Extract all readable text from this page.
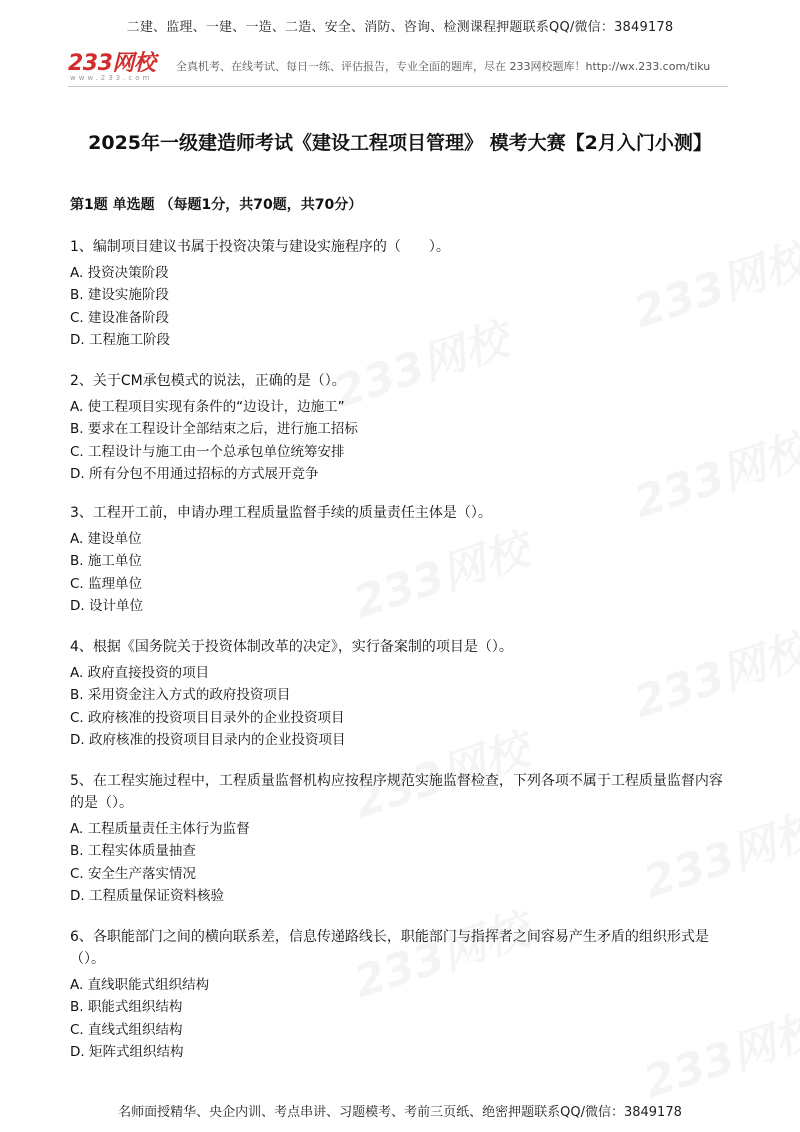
二建、监理、一建、一造、二造、安全、消防、咨询、检测课程押题联系QQ/微信：3849178
233网校
www.233.com
全真机考、在线考试、每日一练、评估报告，专业全面的题库，尽在 233网校题库！http://wx.233.com/tiku
2025年一级建造师考试《建设工程项目管理》 模考大赛【2月入门小测】
第1题 单选题 （每题1分，共70题，共70分）

1、编制项目建议书属于投资决策与建设实施程序的（　　）。

A. 投资决策阶段
B. 建设实施阶段
C. 建设准备阶段
D. 工程施工阶段

2、关于CM承包模式的说法，正确的是（）。

A. 使工程项目实现有条件的“边设计，边施工”
B. 要求在工程设计全部结束之后，进行施工招标
C. 工程设计与施工由一个总承包单位统筹安排
D. 所有分包不用通过招标的方式展开竞争

3、工程开工前，申请办理工程质量监督手续的质量责任主体是（）。

A. 建设单位
B. 施工单位
C. 监理单位
D. 设计单位

4、根据《国务院关于投资体制改革的决定》，实行备案制的项目是（）。

A. 政府直接投资的项目
B. 采用资金注入方式的政府投资项目
C. 政府核准的投资项目目录外的企业投资项目
D. 政府核准的投资项目目录内的企业投资项目

5、在工程实施过程中，工程质量监督机构应按程序规范实施监督检查，下列各项不属于工程质量监督内容的是（）。

A. 工程质量责任主体行为监督
B. 工程实体质量抽查
C. 安全生产落实情况
D. 工程质量保证资料核验

6、各职能部门之间的横向联系差，信息传递路线长，职能部门与指挥者之间容易产生矛盾的组织形式是（）。

A. 直线职能式组织结构
B. 职能式组织结构
C. 直线式组织结构
D. 矩阵式组织结构
名师面授精华、央企内训、考点串讲、习题模考、考前三页纸、绝密押题联系QQ/微信：3849178
